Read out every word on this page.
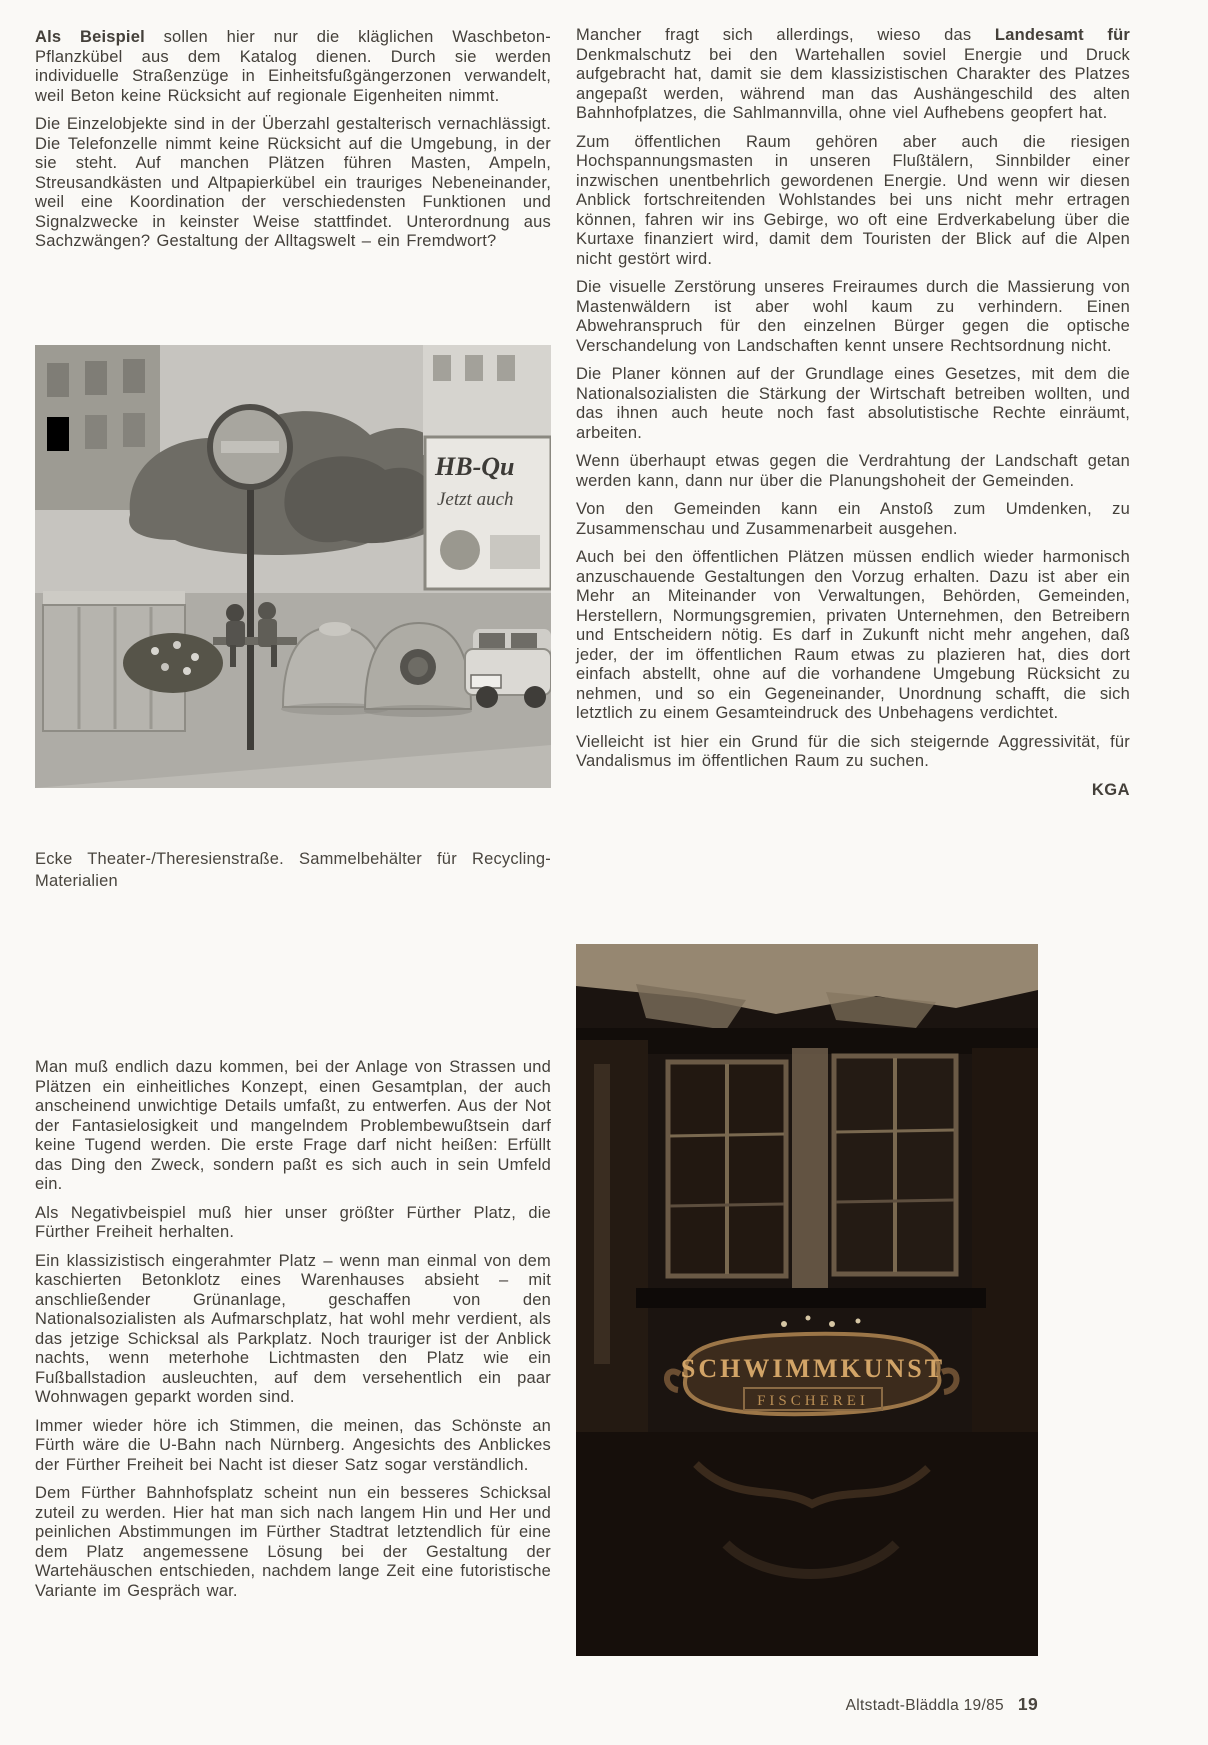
Als Beispiel sollen hier nur die kläglichen Waschbeton-Pflanzkübel aus dem Katalog dienen. Durch sie werden individuelle Straßenzüge in Einheitsfußgängerzonen verwandelt, weil Beton keine Rücksicht auf regionale Eigenheiten nimmt.

Die Einzelobjekte sind in der Überzahl gestalterisch vernachlässigt. Die Telefonzelle nimmt keine Rücksicht auf die Umgebung, in der sie steht. Auf manchen Plätzen führen Masten, Ampeln, Streusandkästen und Altpapierkübel ein trauriges Nebeneinander, weil eine Koordination der verschiedensten Funktionen und Signalzwecke in keinster Weise stattfindet. Unterordnung aus Sachzwängen? Gestaltung der Alltagswelt – ein Fremdwort?

HB-Qu
Jetzt auch
Ecke Theater-/Theresienstraße. Sammelbehälter für Recycling-Materialien

Man muß endlich dazu kommen, bei der Anlage von Strassen und Plätzen ein einheitliches Konzept, einen Gesamtplan, der auch anscheinend unwichtige Details umfaßt, zu entwerfen. Aus der Not der Fantasielosigkeit und mangelndem Problembewußtsein darf keine Tugend werden. Die erste Frage darf nicht heißen: Erfüllt das Ding den Zweck, sondern paßt es sich auch in sein Umfeld ein.

Als Negativbeispiel muß hier unser größter Fürther Platz, die Fürther Freiheit herhalten.

Ein klassizistisch eingerahmter Platz – wenn man einmal von dem kaschierten Betonklotz eines Warenhauses absieht – mit anschließender Grünanlage, geschaffen von den Nationalsozialisten als Aufmarschplatz, hat wohl mehr verdient, als das jetzige Schicksal als Parkplatz. Noch trauriger ist der Anblick nachts, wenn meterhohe Lichtmasten den Platz wie ein Fußballstadion ausleuchten, auf dem versehentlich ein paar Wohnwagen geparkt worden sind.

Immer wieder höre ich Stimmen, die meinen, das Schönste an Fürth wäre die U-Bahn nach Nürnberg. Angesichts des Anblickes der Fürther Freiheit bei Nacht ist dieser Satz sogar verständlich.

Dem Fürther Bahnhofsplatz scheint nun ein besseres Schicksal zuteil zu werden. Hier hat man sich nach langem Hin und Her und peinlichen Abstimmungen im Fürther Stadtrat letztendlich für eine dem Platz angemessene Lösung bei der Gestaltung der Wartehäuschen entschieden, nachdem lange Zeit eine futoristische Variante im Gespräch war.

Mancher fragt sich allerdings, wieso das Landesamt für Denkmalschutz bei den Wartehallen soviel Energie und Druck aufgebracht hat, damit sie dem klassizistischen Charakter des Platzes angepaßt werden, während man das Aushängeschild des alten Bahnhofplatzes, die Sahlmannvilla, ohne viel Aufhebens geopfert hat.

Zum öffentlichen Raum gehören aber auch die riesigen Hochspannungsmasten in unseren Flußtälern, Sinnbilder einer inzwischen unentbehrlich gewordenen Energie. Und wenn wir diesen Anblick fortschreitenden Wohlstandes bei uns nicht mehr ertragen können, fahren wir ins Gebirge, wo oft eine Erdverkabelung über die Kurtaxe finanziert wird, damit dem Touristen der Blick auf die Alpen nicht gestört wird.

Die visuelle Zerstörung unseres Freiraumes durch die Massierung von Mastenwäldern ist aber wohl kaum zu verhindern. Einen Abwehranspruch für den einzelnen Bürger gegen die optische Verschandelung von Landschaften kennt unsere Rechtsordnung nicht.

Die Planer können auf der Grundlage eines Gesetzes, mit dem die Nationalsozialisten die Stärkung der Wirtschaft betreiben wollten, und das ihnen auch heute noch fast absolutistische Rechte einräumt, arbeiten.

Wenn überhaupt etwas gegen die Verdrahtung der Landschaft getan werden kann, dann nur über die Planungshoheit der Gemeinden.

Von den Gemeinden kann ein Anstoß zum Umdenken, zu Zusammenschau und Zusammenarbeit ausgehen.

Auch bei den öffentlichen Plätzen müssen endlich wieder harmonisch anzuschauende Gestaltungen den Vorzug erhalten. Dazu ist aber ein Mehr an Miteinander von Verwaltungen, Behörden, Gemeinden, Herstellern, Normungsgremien, privaten Unternehmen, den Betreibern und Entscheidern nötig. Es darf in Zukunft nicht mehr angehen, daß jeder, der im öffentlichen Raum etwas zu plazieren hat, dies dort einfach abstellt, ohne auf die vorhandene Umgebung Rücksicht zu nehmen, und so ein Gegeneinander, Unordnung schafft, die sich letztlich zu einem Gesamteindruck des Unbehagens verdichtet.

Vielleicht ist hier ein Grund für die sich steigernde Aggressivität, für Vandalismus im öffentlichen Raum zu suchen.

KGA
SCHWIMMKUNST
FISCHEREI
Altstadt-Bläddla 19/85 19
